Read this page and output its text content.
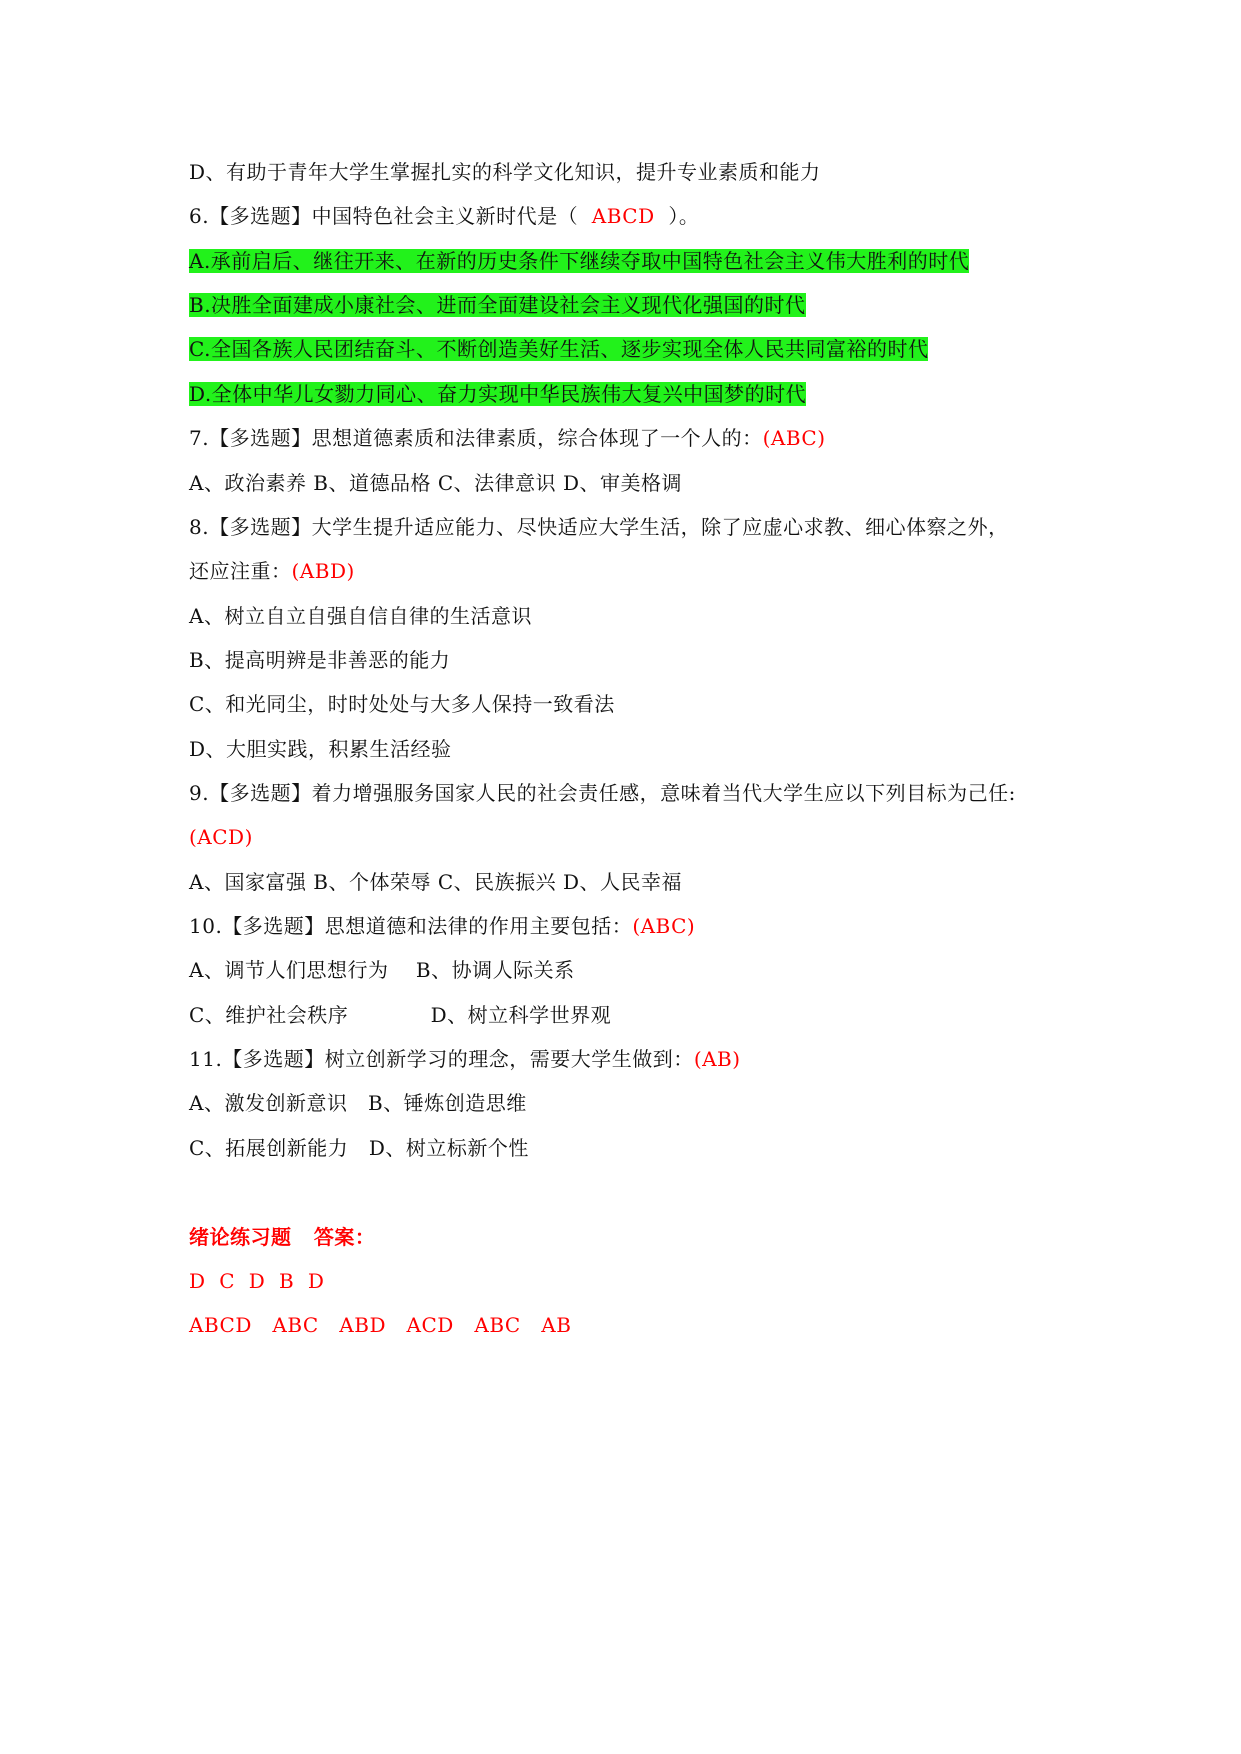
D、有助于青年大学生掌握扎实的科学文化知识，提升专业素质和能力
6.【多选题】中国特色社会主义新时代是（  ABCD  ）。
A.承前启后、继往开来、在新的历史条件下继续夺取中国特色社会主义伟大胜利的时代
B.决胜全面建成小康社会、进而全面建设社会主义现代化强国的时代
C.全国各族人民团结奋斗、不断创造美好生活、逐步实现全体人民共同富裕的时代
D.全体中华儿女勠力同心、奋力实现中华民族伟大复兴中国梦的时代
7.【多选题】思想道德素质和法律素质，综合体现了一个人的：(ABC)
A、政治素养 B、道德品格 C、法律意识 D、审美格调
8.【多选题】大学生提升适应能力、尽快适应大学生活，除了应虚心求教、细心体察之外，
还应注重：(ABD)
A、树立自立自强自信自律的生活意识
B、提高明辨是非善恶的能力
C、和光同尘，时时处处与大多人保持一致看法
D、大胆实践，积累生活经验
9.【多选题】着力增强服务国家人民的社会责任感，意味着当代大学生应以下列目标为己任:
(ACD)
A、国家富强 B、个体荣辱 C、民族振兴 D、人民幸福
10.【多选题】思想道德和法律的作用主要包括：(ABC)
A、调节人们思想行为    B、协调人际关系
C、维护社会秩序            D、树立科学世界观
11.【多选题】树立创新学习的理念，需要大学生做到：(AB)
A、激发创新意识   B、锤炼创造思维
C、拓展创新能力   D、树立标新个性
绪论练习题   答案：
D  C  D  B  D
ABCD   ABC   ABD   ACD   ABC   AB
